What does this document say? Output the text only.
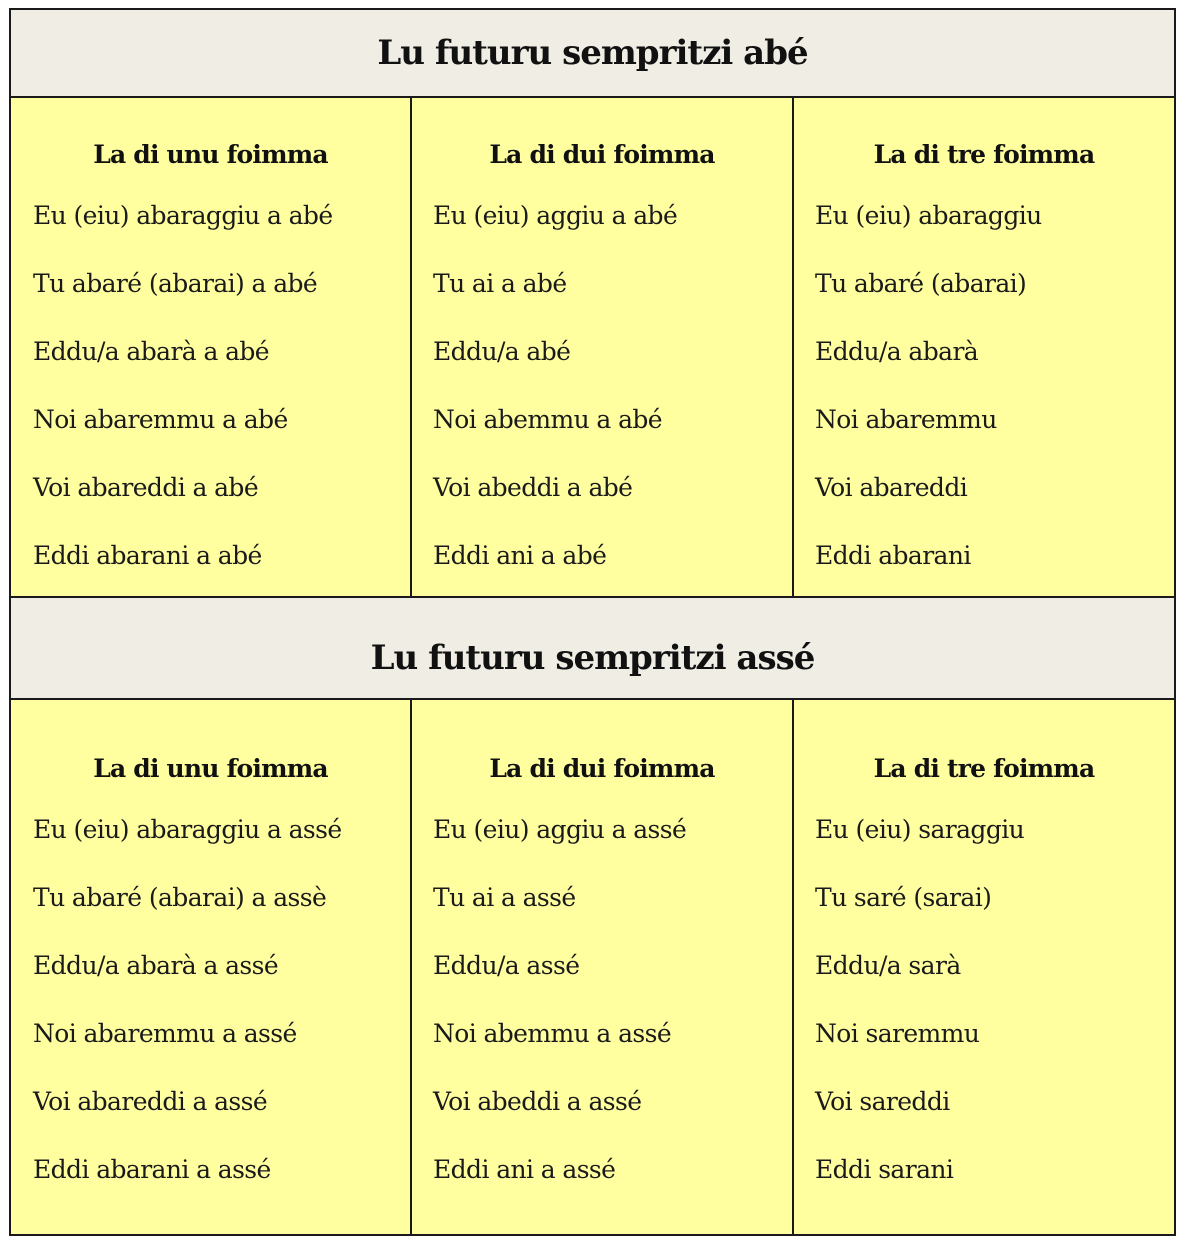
Lu futuru sempritzi abé
La di unu foimma
Eu (eiu) abaraggiu a abé
Tu abaré (abarai) a abé
Eddu/a abarà a abé
Noi abaremmu a abé
Voi abareddi a abé
Eddi abarani a abé
La di dui foimma
Eu (eiu) aggiu a abé
Tu ai a abé
Eddu/a abé
Noi abemmu a abé
Voi abeddi a abé
Eddi ani a abé
La di tre foimma
Eu (eiu) abaraggiu
Tu abaré (abarai)
Eddu/a abarà
Noi abaremmu
Voi abareddi
Eddi abarani
Lu futuru sempritzi assé
La di unu foimma
Eu (eiu) abaraggiu a assé
Tu abaré (abarai) a assè
Eddu/a abarà a assé
Noi abaremmu a assé
Voi abareddi a assé
Eddi abarani a assé
La di dui foimma
Eu (eiu) aggiu a assé
Tu ai a assé
Eddu/a assé
Noi abemmu a assé
Voi abeddi a assé
Eddi ani a assé
La di tre foimma
Eu (eiu) saraggiu
Tu saré (sarai)
Eddu/a sarà
Noi saremmu
Voi sareddi
Eddi sarani
